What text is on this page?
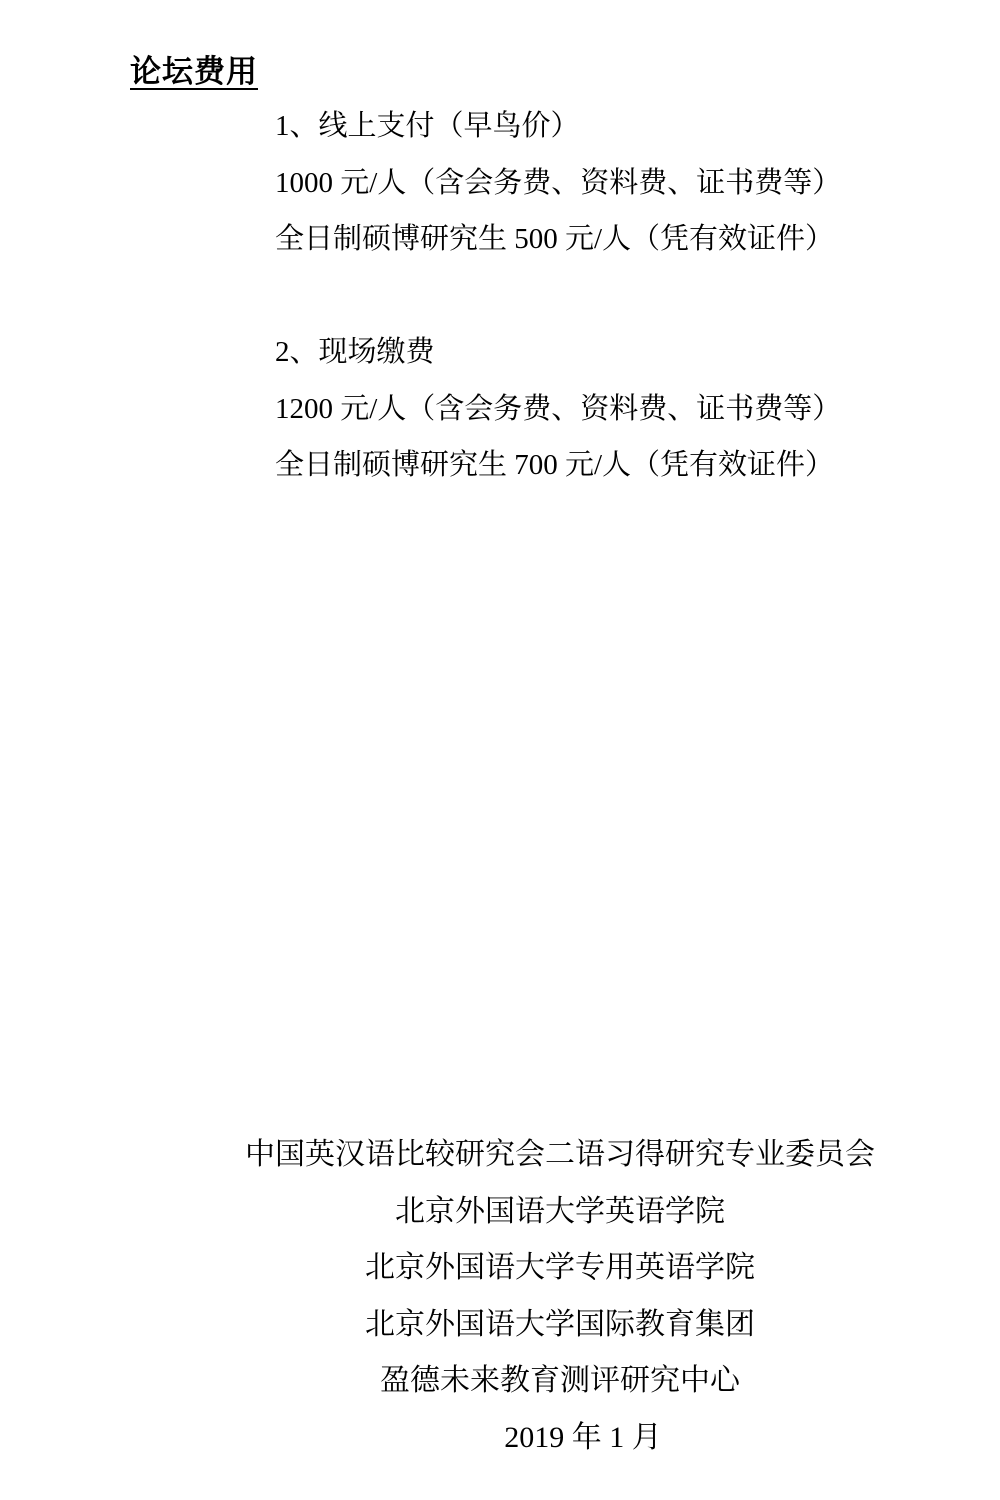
论坛费用
1、线上支付（早鸟价）
1000 元/人（含会务费、资料费、证书费等）
全日制硕博研究生 500 元/人（凭有效证件）
2、现场缴费
1200 元/人（含会务费、资料费、证书费等）
全日制硕博研究生 700 元/人（凭有效证件）
中国英汉语比较研究会二语习得研究专业委员会
北京外国语大学英语学院
北京外国语大学专用英语学院
北京外国语大学国际教育集团
盈德未来教育测评研究中心
2019 年 1 月
